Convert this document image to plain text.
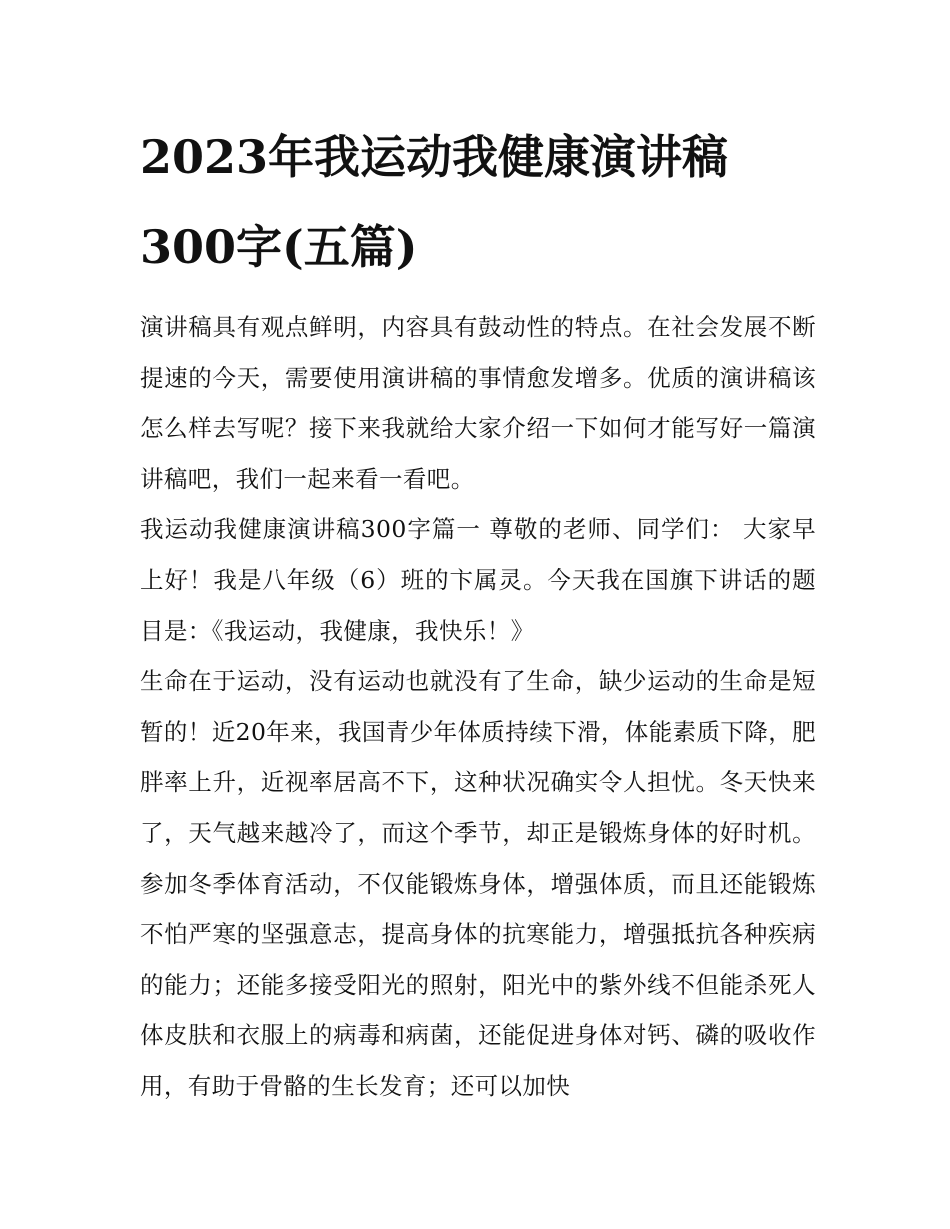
2023年我运动我健康演讲稿300字(五篇)

演讲稿具有观点鲜明，内容具有鼓动性的特点。在社会发展不断提速的今天，需要使用演讲稿的事情愈发增多。优质的演讲稿该怎么样去写呢？接下来我就给大家介绍一下如何才能写好一篇演讲稿吧，我们一起来看一看吧。

我运动我健康演讲稿300字篇一 尊敬的老师、同学们： 大家早上好！我是八年级（6）班的卞属灵。今天我在国旗下讲话的题目是：《我运动，我健康，我快乐！》

生命在于运动，没有运动也就没有了生命，缺少运动的生命是短暂的！近20年来，我国青少年体质持续下滑，体能素质下降，肥胖率上升，近视率居高不下，这种状况确实令人担忧。冬天快来了，天气越来越冷了，而这个季节，却正是锻炼身体的好时机。参加冬季体育活动，不仅能锻炼身体，增强体质，而且还能锻炼不怕严寒的坚强意志，提高身体的抗寒能力，增强抵抗各种疾病的能力；还能多接受阳光的照射，阳光中的紫外线不但能杀死人体皮肤和衣服上的病毒和病菌，还能促进身体对钙、磷的吸收作用，有助于骨骼的生长发育；还可以加快
